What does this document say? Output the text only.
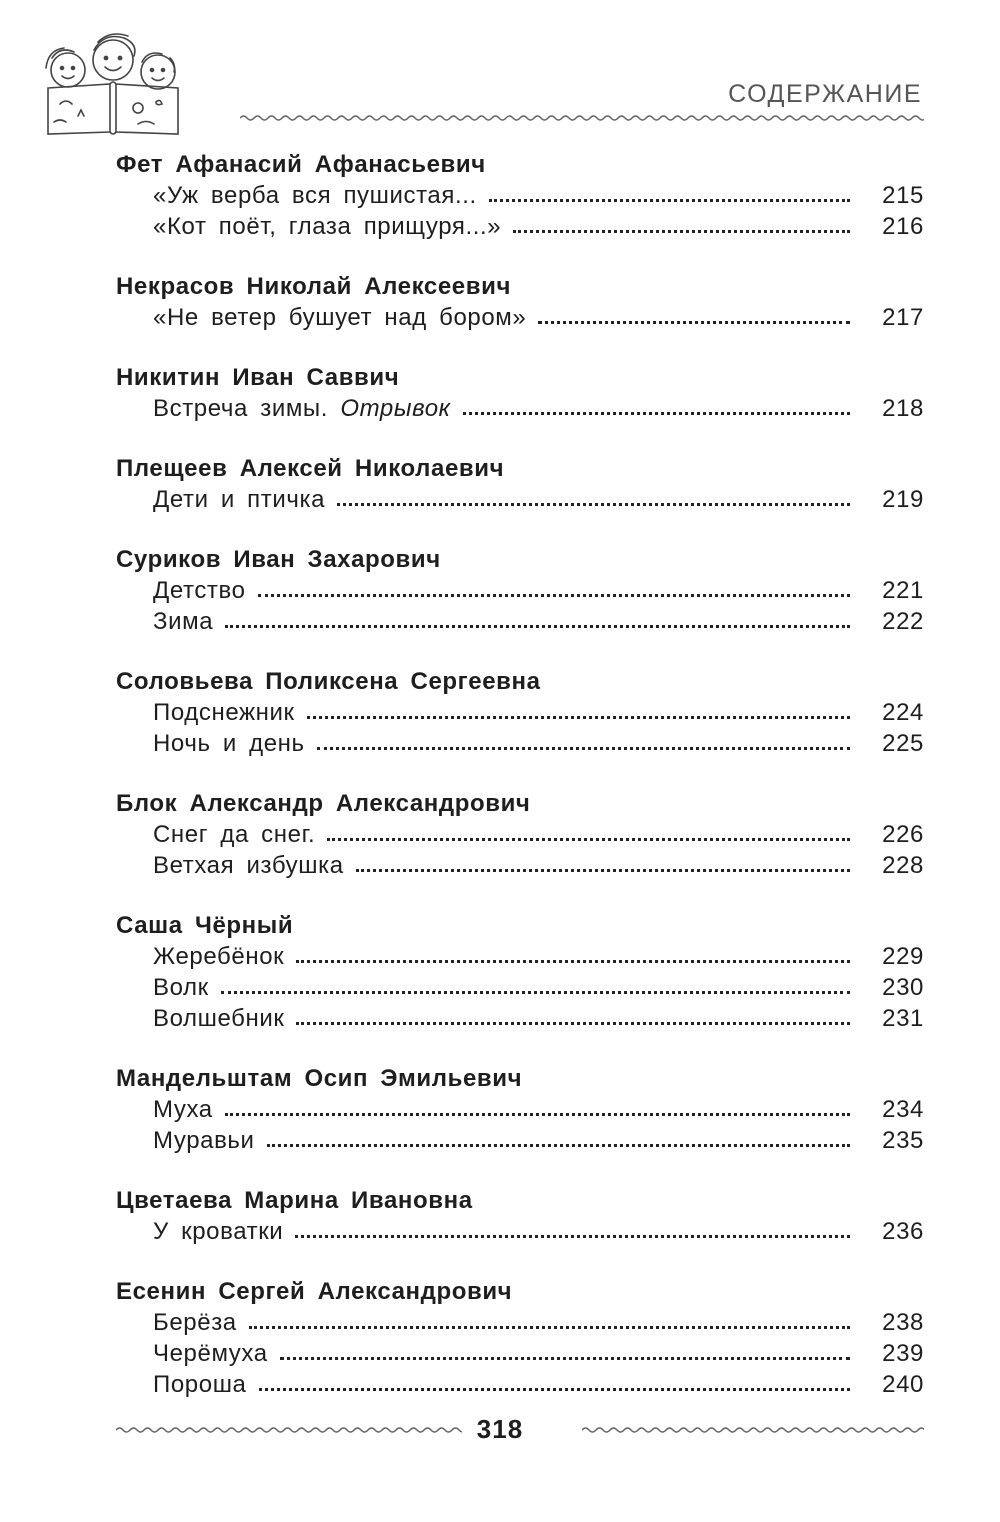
СОДЕРЖАНИЕ
Фет Афанасий Афанасьевич
«Уж верба вся пушистая...	215
«Кот поёт, глаза прищуря...»	216
Некрасов Николай Алексеевич
«Не ветер бушует над бором»	217
Никитин Иван Саввич
Встреча зимы. Отрывок	218
Плещеев Алексей Николаевич
Дети и птичка	219
Суриков Иван Захарович
Детство	221
Зима	222
Соловьева Поликсена Сергеевна
Подснежник	224
Ночь и день	225
Блок Александр Александрович
Снег да снег.	226
Ветхая избушка	228
Саша Чёрный
Жеребёнок	229
Волк	230
Волшебник	231
Мандельштам Осип Эмильевич
Муха	234
Муравьи	235
Цветаева Марина Ивановна
У кроватки	236
Есенин Сергей Александрович
Берёза	238
Черёмуха	239
Пороша	240
318
